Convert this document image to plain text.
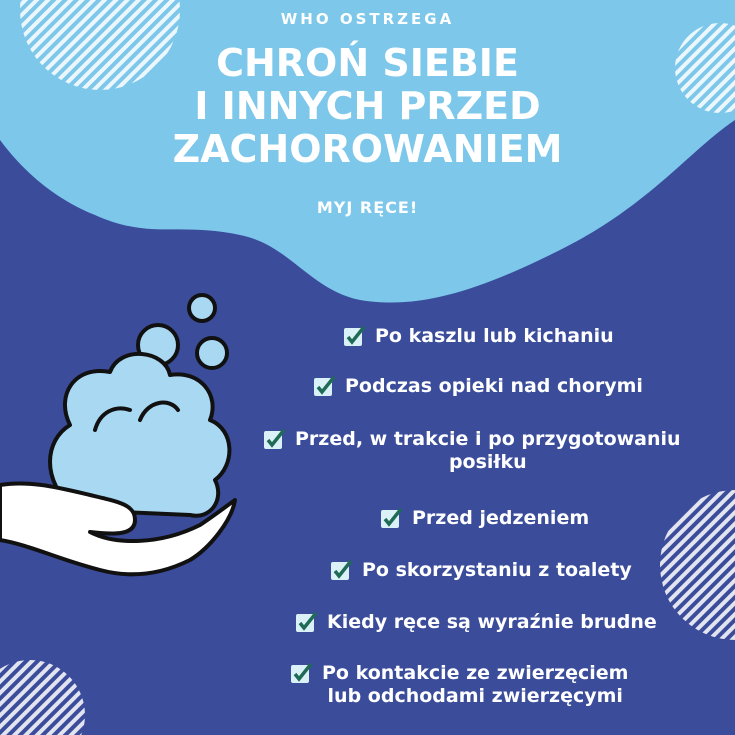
WHO OSTRZEGA
CHROŃ SIEBIE
I INNYCH PRZED
ZACHOROWANIEM
MYJ RĘCE!
Po kaszlu lub kichaniu
Podczas opieki nad chorymi
Przed, w trakcie i po przygotowaniu
posiłku
Przed jedzeniem
Po skorzystaniu z toalety
Kiedy ręce są wyraźnie brudne
Po kontakcie ze zwierzęciem
lub odchodami zwierzęcymi
